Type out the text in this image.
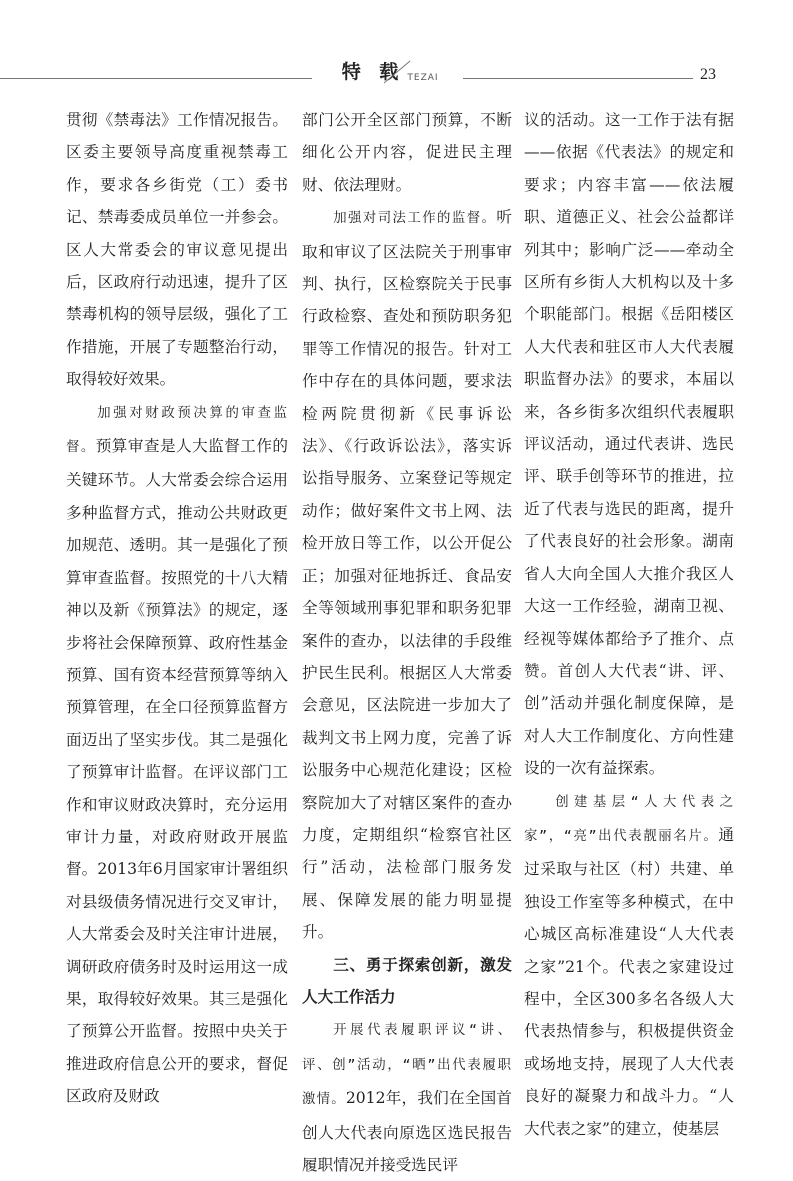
特 载 TEZAI	23

贯彻《禁毒法》工作情况报告。区委主要领导高度重视禁毒工作，要求各乡街党（工）委书记、禁毒委成员单位一并参会。区人大常委会的审议意见提出后，区政府行动迅速，提升了区禁毒机构的领导层级，强化了工作措施，开展了专题整治行动，取得较好效果。

加强对财政预决算的审查监督。预算审查是人大监督工作的关键环节。人大常委会综合运用多种监督方式，推动公共财政更加规范、透明。其一是强化了预算审查监督。按照党的十八大精神以及新《预算法》的规定，逐步将社会保障预算、政府性基金预算、国有资本经营预算等纳入预算管理，在全口径预算监督方面迈出了坚实步伐。其二是强化了预算审计监督。在评议部门工作和审议财政决算时，充分运用审计力量，对政府财政开展监督。2013年6月国家审计署组织对县级债务情况进行交叉审计，人大常委会及时关注审计进展，调研政府债务时及时运用这一成果，取得较好效果。其三是强化了预算公开监督。按照中央关于推进政府信息公开的要求，督促区政府及财政

部门公开全区部门预算，不断细化公开内容，促进民主理财、依法理财。

加强对司法工作的监督。听取和审议了区法院关于刑事审判、执行，区检察院关于民事行政检察、查处和预防职务犯罪等工作情况的报告。针对工作中存在的具体问题，要求法检两院贯彻新《民事诉讼法》、《行政诉讼法》，落实诉讼指导服务、立案登记等规定动作；做好案件文书上网、法检开放日等工作，以公开促公正；加强对征地拆迁、食品安全等领域刑事犯罪和职务犯罪案件的查办，以法律的手段维护民生民利。根据区人大常委会意见，区法院进一步加大了裁判文书上网力度，完善了诉讼服务中心规范化建设；区检察院加大了对辖区案件的查办力度，定期组织“检察官社区行”活动，法检部门服务发展、保障发展的能力明显提升。

三、勇于探索创新，激发人大工作活力

开展代表履职评议“讲、评、创”活动，“晒”出代表履职激情。2012年，我们在全国首创人大代表向原选区选民报告履职情况并接受选民评

议的活动。这一工作于法有据——依据《代表法》的规定和要求；内容丰富——依法履职、道德正义、社会公益都详列其中；影响广泛——牵动全区所有乡街人大机构以及十多个职能部门。根据《岳阳楼区人大代表和驻区市人大代表履职监督办法》的要求，本届以来，各乡街多次组织代表履职评议活动，通过代表讲、选民评、联手创等环节的推进，拉近了代表与选民的距离，提升了代表良好的社会形象。湖南省人大向全国人大推介我区人大这一工作经验，湖南卫视、经视等媒体都给予了推介、点赞。首创人大代表“讲、评、创”活动并强化制度保障，是对人大工作制度化、方向性建设的一次有益探索。

创建基层“人大代表之家”，“亮”出代表靓丽名片。通过采取与社区（村）共建、单独设工作室等多种模式，在中心城区高标准建设“人大代表之家”21个。代表之家建设过程中，全区300多名各级人大代表热情参与，积极提供资金或场地支持，展现了人大代表良好的凝聚力和战斗力。“人大代表之家”的建立，使基层
